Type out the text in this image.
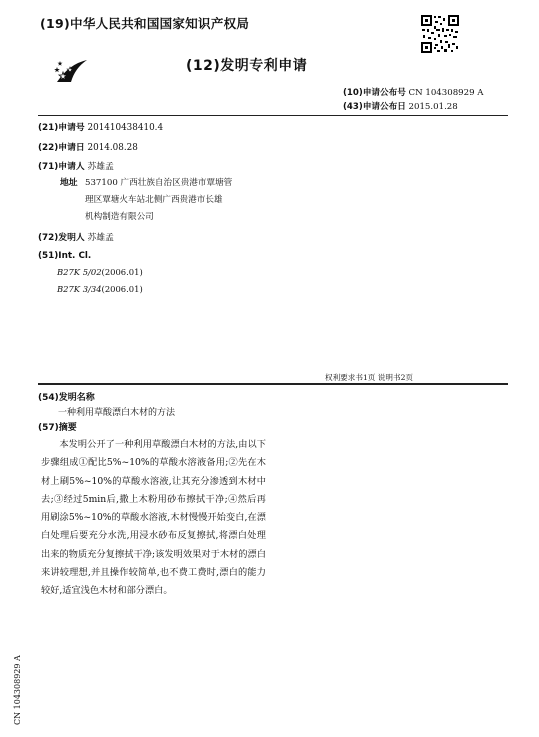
(19)中华人民共和国国家知识产权局
(12)发明专利申请
(10)申请公布号 CN 104308929 A
(43)申请公布日 2015.01.28
(21)申请号 201410438410.4
(22)申请日 2014.08.28
(71)申请人 苏雄孟
地址 537100 广西壮族自治区贵港市覃塘管
理区覃塘火车站北侧广西贵港市长雄
机构制造有限公司
(72)发明人 苏雄孟
(51)Int. Cl.
B27K 5/02(2006.01)
B27K 3/34(2006.01)
权利要求书1页 说明书2页
(54)发明名称
一种利用草酸漂白木材的方法
(57)摘要
本发明公开了一种利用草酸漂白木材的方法,由以下步骤组成①配比5%~10%的草酸水溶液备用;②先在木材上刷5%~10%的草酸水溶液,让其充分渗透到木材中去;③经过5min后,撒上木粉用砂布擦拭干净;④然后再用刷涂5%~10%的草酸水溶液,木材慢慢开始变白,在漂白处理后要充分水洗,用浸水砂布反复擦拭,将漂白处理出来的物质充分复擦拭干净;该发明效果对于木材的漂白来讲较理想,并且操作较简单,也不费工费时,漂白的能力较好,适宜浅色木材和部分漂白。
CN 104308929 A
